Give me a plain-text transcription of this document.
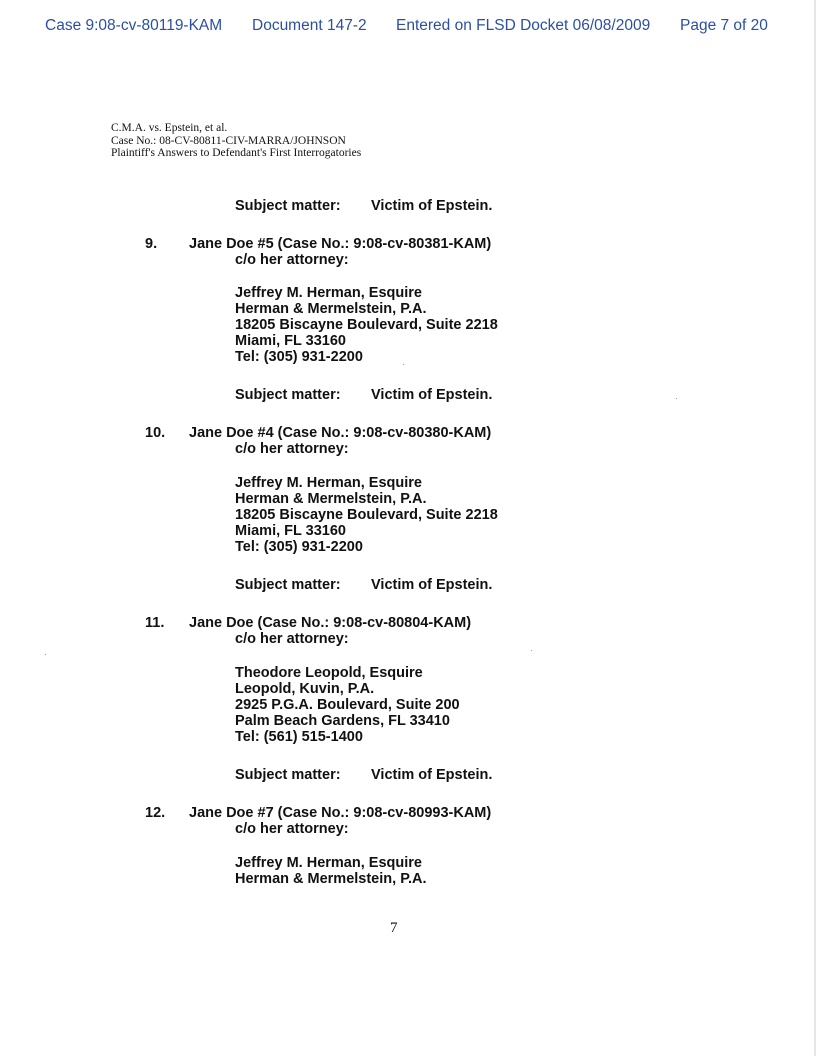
Case 9:08-cv-80119-KAM Document 147-2 Entered on FLSD Docket 06/08/2009 Page 7 of 20
C.M.A. vs. Epstein, et al.
Case No.: 08-CV-80811-CIV-MARRA/JOHNSON
Plaintiff's Answers to Defendant's First Interrogatories
Subject matter: Victim of Epstein.
9. Jane Doe #5 (Case No.: 9:08-cv-80381-KAM)
c/o her attorney:
Jeffrey M. Herman, Esquire
Herman & Mermelstein, P.A.
18205 Biscayne Boulevard, Suite 2218
Miami, FL 33160
Tel: (305) 931-2200
Subject matter: Victim of Epstein.
10. Jane Doe #4 (Case No.: 9:08-cv-80380-KAM)
c/o her attorney:
Jeffrey M. Herman, Esquire
Herman & Mermelstein, P.A.
18205 Biscayne Boulevard, Suite 2218
Miami, FL 33160
Tel: (305) 931-2200
Subject matter: Victim of Epstein.
11. Jane Doe (Case No.: 9:08-cv-80804-KAM)
c/o her attorney:
Theodore Leopold, Esquire
Leopold, Kuvin, P.A.
2925 P.G.A. Boulevard, Suite 200
Palm Beach Gardens, FL 33410
Tel: (561) 515-1400
Subject matter: Victim of Epstein.
12. Jane Doe #7 (Case No.: 9:08-cv-80993-KAM)
c/o her attorney:
Jeffrey M. Herman, Esquire
Herman & Mermelstein, P.A.
7
